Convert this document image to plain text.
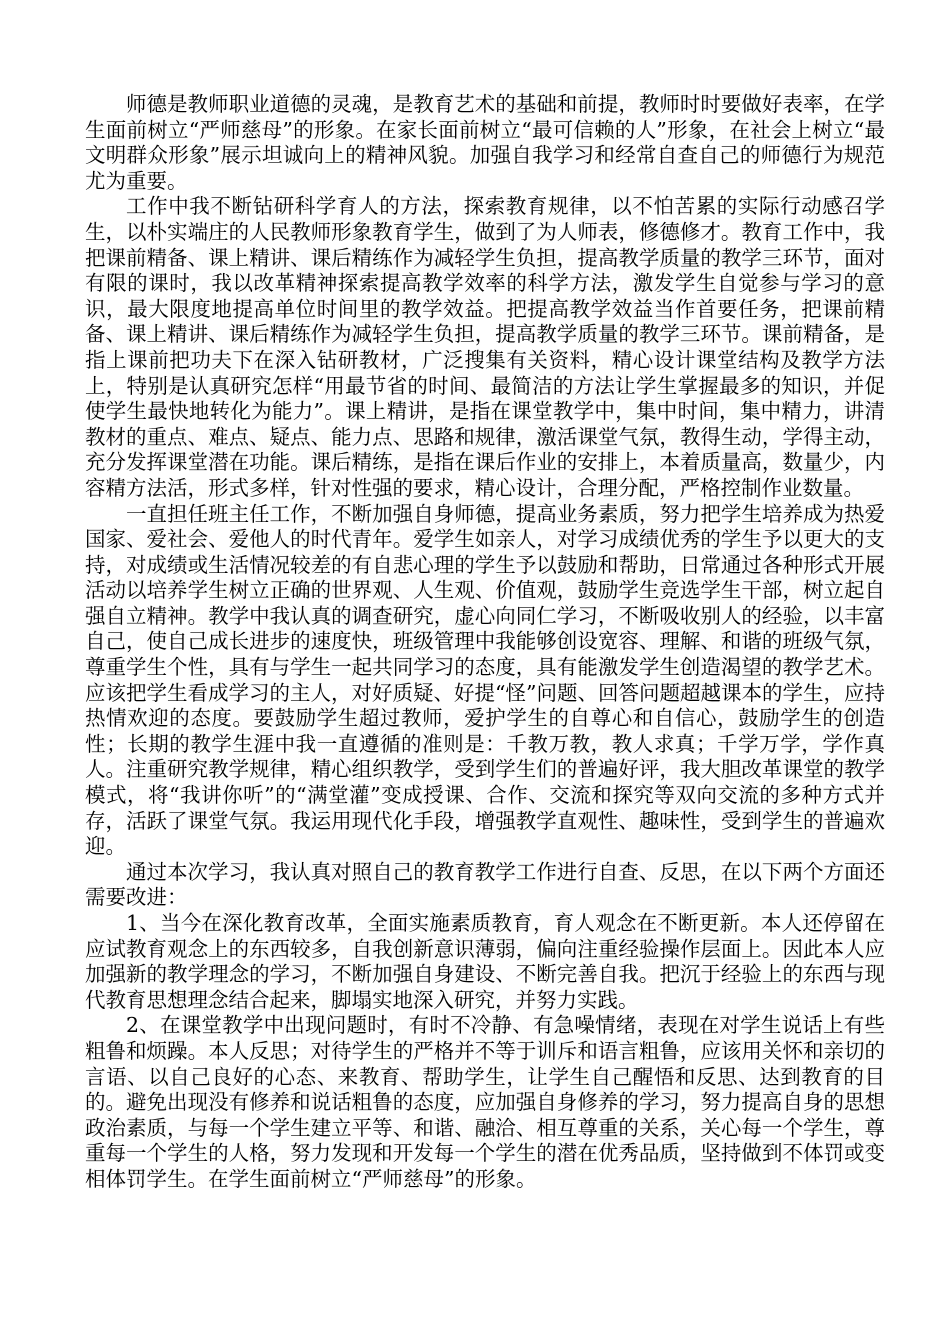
师德是教师职业道德的灵魂，是教育艺术的基础和前提，教师时时要做好表率，在学生面前树立“严师慈母”的形象。在家长面前树立“最可信赖的人”形象，在社会上树立“最文明群众形象”展示坦诚向上的精神风貌。加强自我学习和经常自查自己的师德行为规范尤为重要。

工作中我不断钻研科学育人的方法，探索教育规律，以不怕苦累的实际行动感召学生，以朴实端庄的人民教师形象教育学生，做到了为人师表，修德修才。教育工作中，我把课前精备、课上精讲、课后精练作为减轻学生负担，提高教学质量的教学三环节，面对有限的课时，我以改革精神探索提高教学效率的科学方法，激发学生自觉参与学习的意识，最大限度地提高单位时间里的教学效益。把提高教学效益当作首要任务，把课前精备、课上精讲、课后精练作为减轻学生负担，提高教学质量的教学三环节。课前精备，是指上课前把功夫下在深入钻研教材，广泛搜集有关资料，精心设计课堂结构及教学方法上，特别是认真研究怎样“用最节省的时间、最简洁的方法让学生掌握最多的知识，并促使学生最快地转化为能力”。课上精讲，是指在课堂教学中，集中时间，集中精力，讲清教材的重点、难点、疑点、能力点、思路和规律，激活课堂气氛，教得生动，学得主动，充分发挥课堂潜在功能。课后精练，是指在课后作业的安排上，本着质量高，数量少，内容精方法活，形式多样，针对性强的要求，精心设计，合理分配，严格控制作业数量。

一直担任班主任工作，不断加强自身师德，提高业务素质，努力把学生培养成为热爱国家、爱社会、爱他人的时代青年。爱学生如亲人，对学习成绩优秀的学生予以更大的支持，对成绩或生活情况较差的有自悲心理的学生予以鼓励和帮助，日常通过各种形式开展活动以培养学生树立正确的世界观、人生观、价值观，鼓励学生竞选学生干部，树立起自强自立精神。教学中我认真的调查研究，虚心向同仁学习，不断吸收别人的经验，以丰富自己，使自己成长进步的速度快，班级管理中我能够创设宽容、理解、和谐的班级气氛，尊重学生个性，具有与学生一起共同学习的态度，具有能激发学生创造渴望的教学艺术。应该把学生看成学习的主人，对好质疑、好提“怪”问题、回答问题超越课本的学生，应持热情欢迎的态度。要鼓励学生超过教师，爱护学生的自尊心和自信心，鼓励学生的创造性；长期的教学生涯中我一直遵循的准则是：千教万教，教人求真；千学万学，学作真人。注重研究教学规律，精心组织教学，受到学生们的普遍好评，我大胆改革课堂的教学模式，将“我讲你听”的“满堂灌”变成授课、合作、交流和探究等双向交流的多种方式并存，活跃了课堂气氛。我运用现代化手段，增强教学直观性、趣味性，受到学生的普遍欢迎。

通过本次学习，我认真对照自己的教育教学工作进行自查、反思，在以下两个方面还需要改进：

1、当今在深化教育改革，全面实施素质教育，育人观念在不断更新。本人还停留在应试教育观念上的东西较多，自我创新意识薄弱，偏向注重经验操作层面上。因此本人应加强新的教学理念的学习，不断加强自身建设、不断完善自我。把沉于经验上的东西与现代教育思想理念结合起来，脚塌实地深入研究，并努力实践。

2、在课堂教学中出现问题时，有时不冷静、有急噪情绪，表现在对学生说话上有些粗鲁和烦躁。本人反思；对待学生的严格并不等于训斥和语言粗鲁，应该用关怀和亲切的言语、以自己良好的心态、来教育、帮助学生，让学生自己醒悟和反思、达到教育的目的。避免出现没有修养和说话粗鲁的态度，应加强自身修养的学习，努力提高自身的思想政治素质，与每一个学生建立平等、和谐、融洽、相互尊重的关系，关心每一个学生，尊重每一个学生的人格，努力发现和开发每一个学生的潜在优秀品质，坚持做到不体罚或变相体罚学生。在学生面前树立“严师慈母”的形象。
